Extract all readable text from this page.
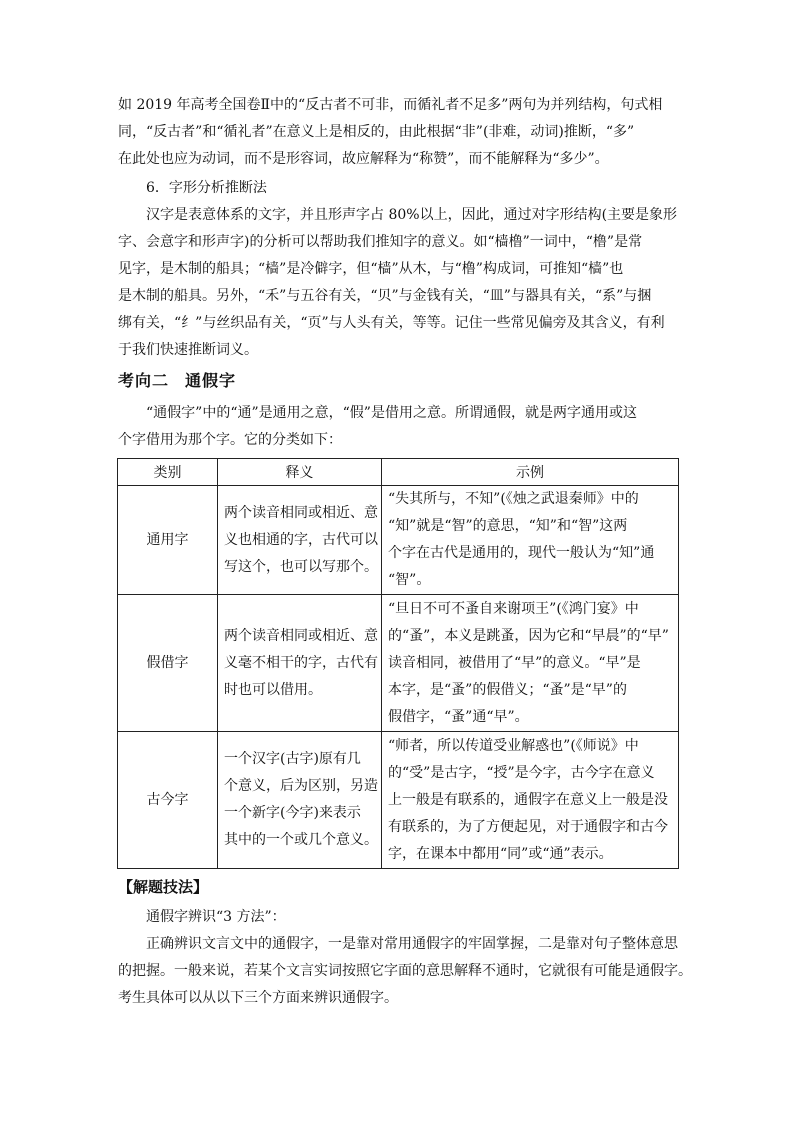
如 2019 年高考全国卷Ⅱ中的“反古者不可非，而循礼者不足多”两句为并列结构，句式相
同，“反古者”和“循礼者”在意义上是相反的，由此根据“非”(非难，动词)推断，“多”
在此处也应为动词，而不是形容词，故应解释为“称赞”，而不能解释为“多少”。

6．字形分析推断法
汉字是表意体系的文字，并且形声字占 80%以上，因此，通过对字形结构(主要是象形
字、会意字和形声字)的分析可以帮助我们推知字的意义。如“樯橹”一词中，“橹”是常
见字，是木制的船具；“樯”是冷僻字，但“樯”从木，与“橹”构成词，可推知“樯”也
是木制的船具。另外，“禾”与五谷有关，“贝”与金钱有关，“皿”与器具有关，“系”与捆
绑有关，“纟”与丝织品有关，“页”与人头有关，等等。记住一些常见偏旁及其含义，有利
于我们快速推断词义。

考向二 通假字

“通假字”中的“通”是通用之意，“假”是借用之意。所谓通假，就是两字通用或这
个字借用为那个字。它的分类如下：

类别	释义	示例
通用字	两个读音相同或相近、意
义也相通的字，古代可以
写这个，也可以写那个。	“失其所与，不知”(《烛之武退秦师》中的
“知”就是“智”的意思，“知”和“智”这两
个字在古代是通用的，现代一般认为“知”通
“智”。

假借字	两个读音相同或相近、意
义毫不相干的字，古代有
时也可以借用。	“旦日不可不蚤自来谢项王”(《鸿门宴》中
的“蚤”，本义是跳蚤，因为它和“早晨”的“早”
读音相同，被借用了“早”的意义。“早”是
本字，是“蚤”的假借义；“蚤”是“早”的
假借字，“蚤”通“早”。

古今字	一个汉字(古字)原有几
个意义，后为区别，另造
一个新字(今字)来表示
其中的一个或几个意义。	“师者，所以传道受业解惑也”(《师说》中
的“受”是古字，“授”是今字，古今字在意义
上一般是有联系的，通假字在意义上一般是没
有联系的，为了方便起见，对于通假字和古今
字，在课本中都用“同”或“通”表示。
【解题技法】

通假字辨识“3 方法”：
正确辨识文言文中的通假字，一是靠对常用通假字的牢固掌握，二是靠对句子整体意思
的把握。一般来说，若某个文言实词按照它字面的意思解释不通时，它就很有可能是通假字。
考生具体可以从以下三个方面来辨识通假字。
